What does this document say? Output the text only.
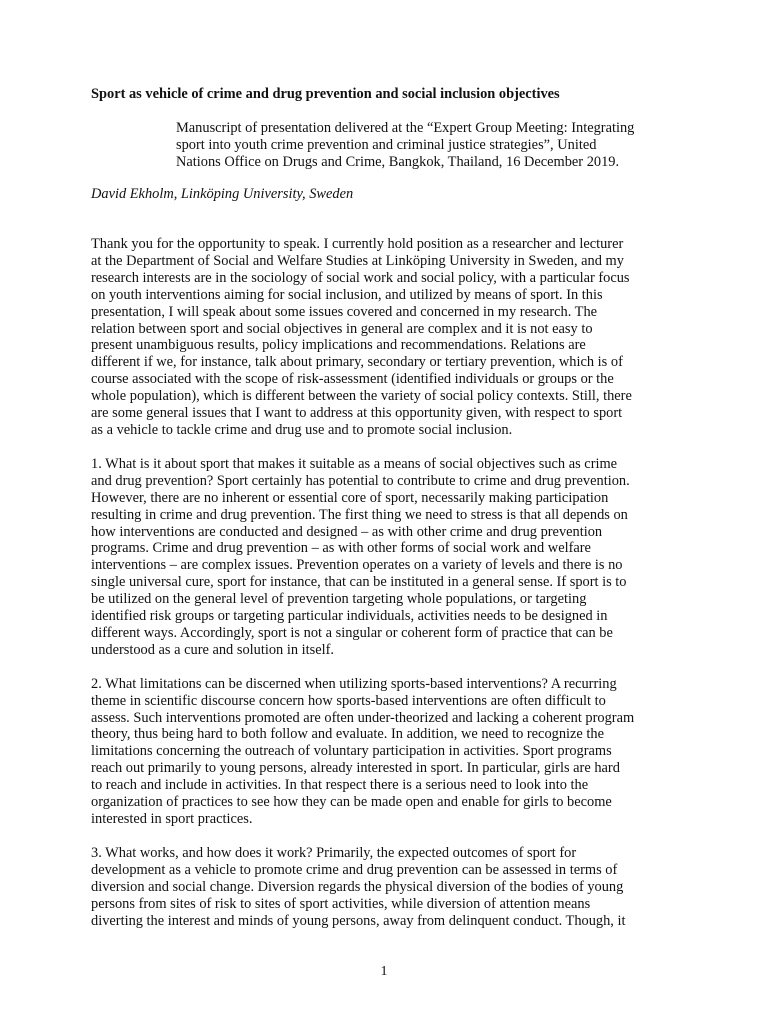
Sport as vehicle of crime and drug prevention and social inclusion objectives
Manuscript of presentation delivered at the “Expert Group Meeting: Integrating
sport into youth crime prevention and criminal justice strategies”, United
Nations Office on Drugs and Crime, Bangkok, Thailand, 16 December 2019.

David Ekholm, Linköping University, Sweden

Thank you for the opportunity to speak. I currently hold position as a researcher and lecturer
at the Department of Social and Welfare Studies at Linköping University in Sweden, and my
research interests are in the sociology of social work and social policy, with a particular focus
on youth interventions aiming for social inclusion, and utilized by means of sport. In this
presentation, I will speak about some issues covered and concerned in my research. The
relation between sport and social objectives in general are complex and it is not easy to
present unambiguous results, policy implications and recommendations. Relations are
different if we, for instance, talk about primary, secondary or tertiary prevention, which is of
course associated with the scope of risk-assessment (identified individuals or groups or the
whole population), which is different between the variety of social policy contexts. Still, there
are some general issues that I want to address at this opportunity given, with respect to sport
as a vehicle to tackle crime and drug use and to promote social inclusion.
1. What is it about sport that makes it suitable as a means of social objectives such as crime
and drug prevention? Sport certainly has potential to contribute to crime and drug prevention.
However, there are no inherent or essential core of sport, necessarily making participation
resulting in crime and drug prevention. The first thing we need to stress is that all depends on
how interventions are conducted and designed – as with other crime and drug prevention
programs. Crime and drug prevention – as with other forms of social work and welfare
interventions – are complex issues. Prevention operates on a variety of levels and there is no
single universal cure, sport for instance, that can be instituted in a general sense. If sport is to
be utilized on the general level of prevention targeting whole populations, or targeting
identified risk groups or targeting particular individuals, activities needs to be designed in
different ways. Accordingly, sport is not a singular or coherent form of practice that can be
understood as a cure and solution in itself.
2. What limitations can be discerned when utilizing sports-based interventions? A recurring
theme in scientific discourse concern how sports-based interventions are often difficult to
assess. Such interventions promoted are often under-theorized and lacking a coherent program
theory, thus being hard to both follow and evaluate. In addition, we need to recognize the
limitations concerning the outreach of voluntary participation in activities. Sport programs
reach out primarily to young persons, already interested in sport. In particular, girls are hard
to reach and include in activities. In that respect there is a serious need to look into the
organization of practices to see how they can be made open and enable for girls to become
interested in sport practices.
3. What works, and how does it work? Primarily, the expected outcomes of sport for
development as a vehicle to promote crime and drug prevention can be assessed in terms of
diversion and social change. Diversion regards the physical diversion of the bodies of young
persons from sites of risk to sites of sport activities, while diversion of attention means
diverting the interest and minds of young persons, away from delinquent conduct. Though, it
1
